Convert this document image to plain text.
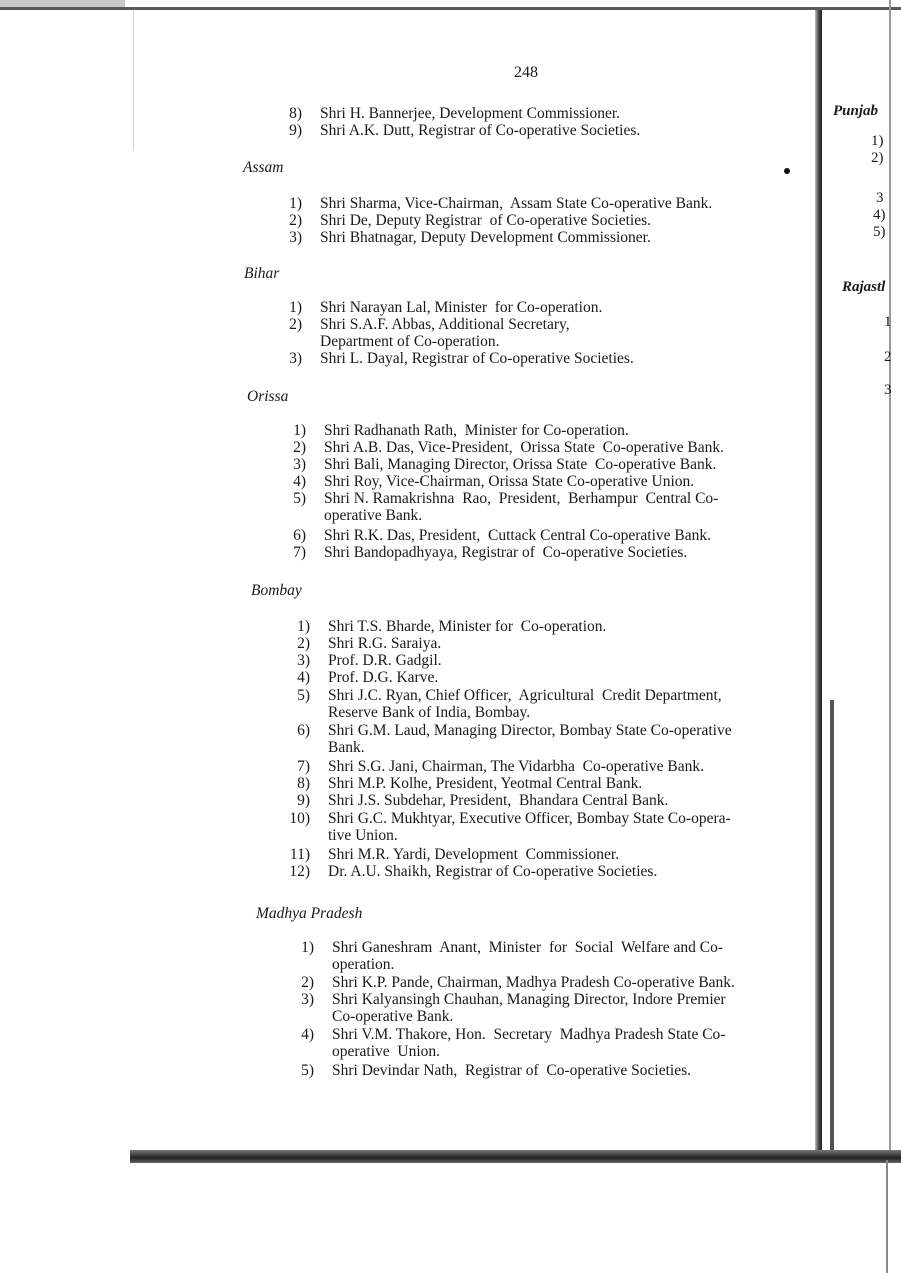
248
8) Shri H. Bannerjee, Development Commissioner.
9) Shri A.K. Dutt, Registrar of Co-operative Societies.
Assam
1) Shri Sharma, Vice-Chairman,  Assam State Co-operative Bank.
2) Shri De, Deputy Registrar  of Co-operative Societies.
3) Shri Bhatnagar, Deputy Development Commissioner.
Bihar
1) Shri Narayan Lal, Minister  for Co-operation.
2) Shri S.A.F. Abbas, Additional Secretary,
Department of Co-operation.
3) Shri L. Dayal, Registrar of Co-operative Societies.
Orissa
1) Shri Radhanath Rath,  Minister for Co-operation.
2) Shri A.B. Das, Vice-President,  Orissa State  Co-operative Bank.
3) Shri Bali, Managing Director, Orissa State  Co-operative Bank.
4) Shri Roy, Vice-Chairman, Orissa State Co-operative Union.
5) Shri N. Ramakrishna  Rao,  President,  Berhampur  Central Co-
operative Bank.
6) Shri R.K. Das, President,  Cuttack Central Co-operative Bank.
7) Shri Bandopadhyaya, Registrar of  Co-operative Societies.
Bombay
1) Shri T.S. Bharde, Minister for  Co-operation.
2) Shri R.G. Saraiya.
3) Prof. D.R. Gadgil.
4) Prof. D.G. Karve.
5) Shri J.C. Ryan, Chief Officer,  Agricultural  Credit Department,
Reserve Bank of India, Bombay.
6) Shri G.M. Laud, Managing Director, Bombay State Co-operative
Bank.
7) Shri S.G. Jani, Chairman, The Vidarbha  Co-operative Bank.
8) Shri M.P. Kolhe, President, Yeotmal Central Bank.
9) Shri J.S. Subdehar, President,  Bhandara Central Bank.
10) Shri G.C. Mukhtyar, Executive Officer, Bombay State Co-opera-
tive Union.
11) Shri M.R. Yardi, Development  Commissioner.
12) Dr. A.U. Shaikh, Registrar of Co-operative Societies.
Madhya Pradesh
1) Shri Ganeshram  Anant,  Minister  for  Social  Welfare and Co-
operation.
2) Shri K.P. Pande, Chairman, Madhya Pradesh Co-operative Bank.
3) Shri Kalyansingh Chauhan, Managing Director, Indore Premier
Co-operative Bank.
4) Shri V.M. Thakore, Hon.  Secretary  Madhya Pradesh State Co-
operative  Union.
5) Shri Devindar Nath,  Registrar of  Co-operative Societies.
Punjab
1)
2)
3
4)
5)
Rajastl
1
2
3
